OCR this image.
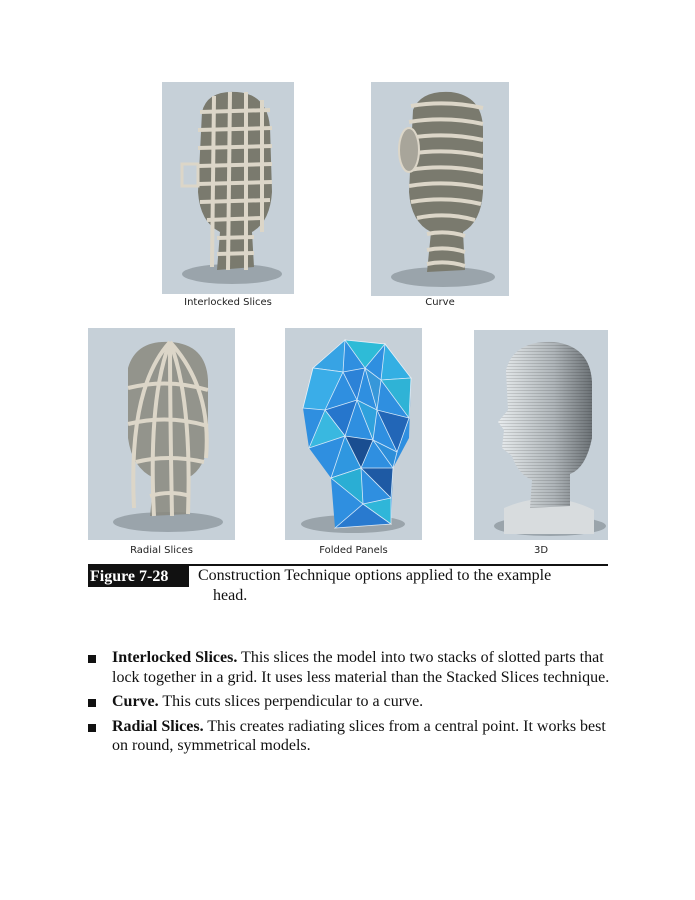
Interlocked Slices	Curve
Radial Slices	Folded Panels	3D
Figure 7-28	Construction Technique options applied to the example
head.
Interlocked Slices. This slices the model into two stacks of slotted parts that lock together in a grid. It uses less material than the Stacked Slices technique.
Curve. This cuts slices perpendicular to a curve.
Radial Slices. This creates radiating slices from a central point. It works best on round, symmetrical models.
